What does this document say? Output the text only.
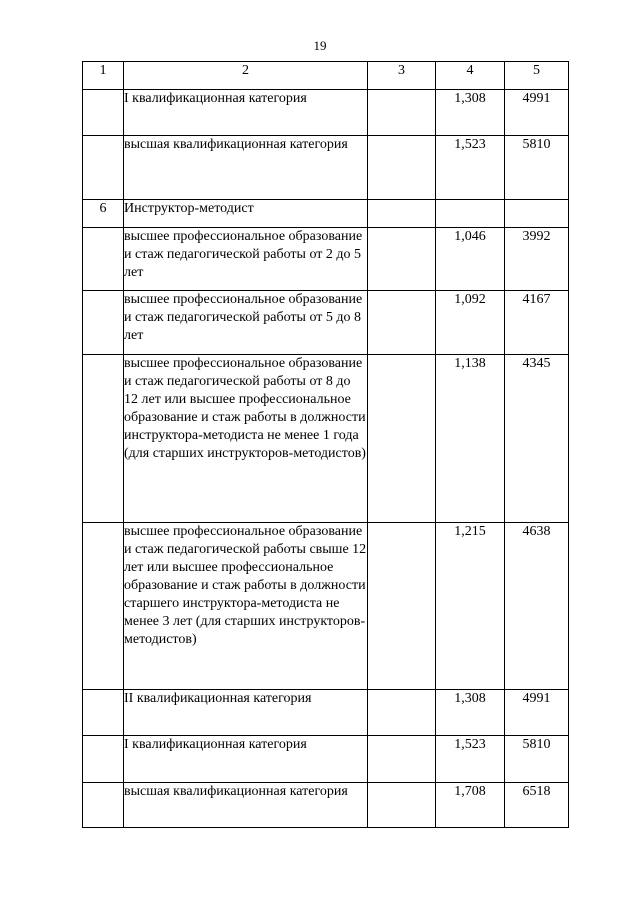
19
1	2	3	4	5
	I квалификационная категория		1,308	4991
	высшая квалификационная категория		1,523	5810
6	Инструктор-методист			
	высшее профессиональное образование и стаж педагогической работы от 2 до 5 лет		1,046	3992
	высшее профессиональное образование и стаж педагогической работы от 5 до 8 лет		1,092	4167
	высшее профессиональное образование и стаж педагогической работы от 8 до 12 лет или высшее профессиональное образование и стаж работы в должности инструктора-методиста не менее 1 года (для старших инструкторов-методистов)		1,138	4345
	высшее профессиональное образование и стаж педагогической работы свыше 12 лет или высшее профессиональное образование и стаж работы в должности старшего инструктора-методиста не менее 3 лет (для старших инструкторов-методистов)		1,215	4638
	II квалификационная категория		1,308	4991
	I квалификационная категория		1,523	5810
	высшая квалификационная категория		1,708	6518
